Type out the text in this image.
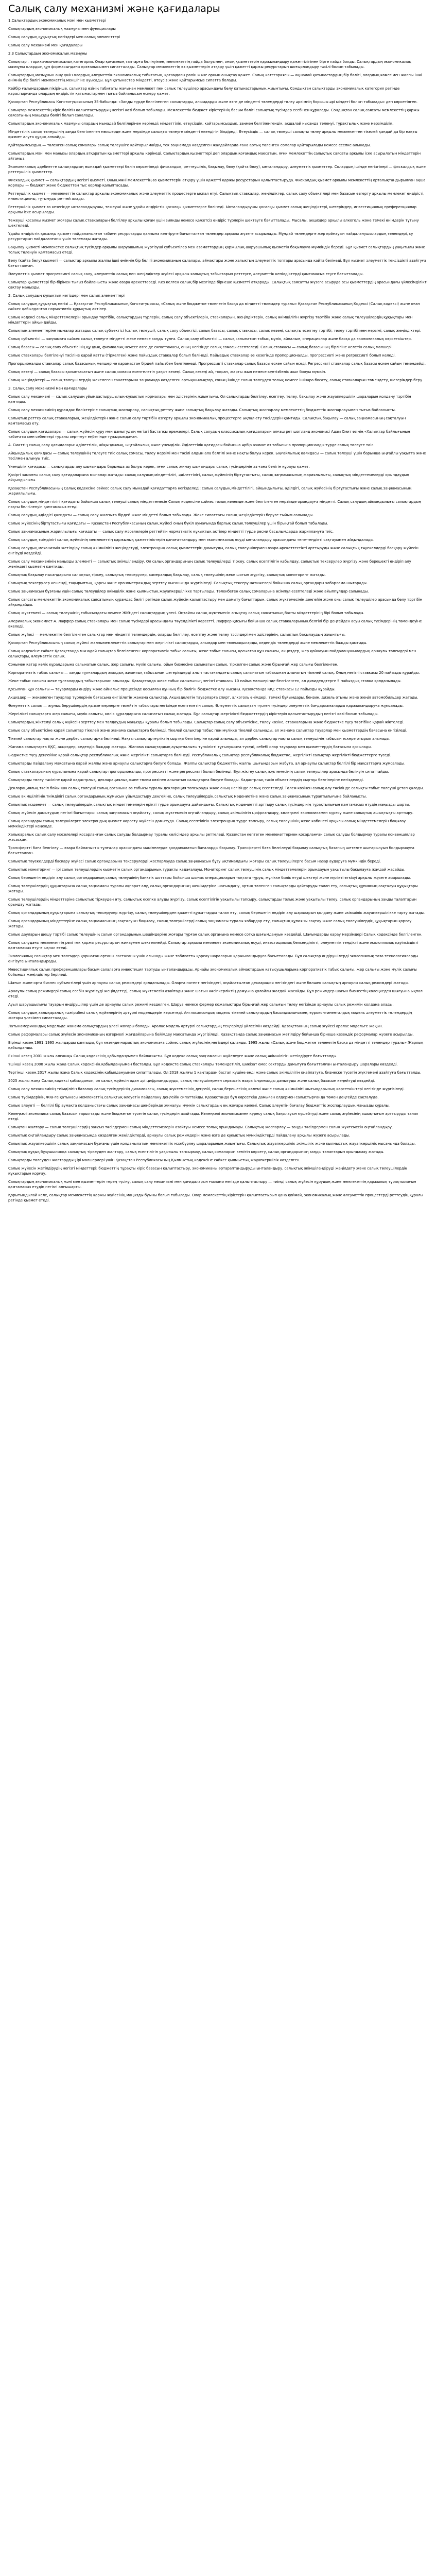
Салық салу механизмі және қағидалары

1.Салықтардың экономикалық мәні мен қызметтері

Салықтардың экономикалық мазмұны мен функциялары

Салық салудың құқықтық негіздері мен салық элементтері

Салық салу механизмі мен қағидалары

2.3 Салықтардың экономикалық мазмұны

Салықтар – тарихи-экономикалық категория. Олар қоғамның таптарға бөлінуімен, мемлекеттің пайда болуымен, оның қызметтерін қаржыландыру қажеттілігімен бірге пайда болды. Салықтардың экономикалық мазмұны олардың құн формасындағы қозғалысымен сипатталады. Салықтар мемлекеттің өз қызметтерін атқару үшін қажетті қаржы ресурстарын шоғырландыру тәсілі болып табылады.

Салықтардың мазмұнын ашу үшін олардың әлеуметтік-экономикалық табиғатын, қоғамдағы рөлін және орнын анықтау қажет. Салық категориясы — ақшалай қатынастардың бір бөлігі, олардың көмегімен жалпы ішкі өнімнің бір бөлігі мемлекеттің меншігіне ауысады. Бұл қатынастар міндетті, өтеусіз және қайтарымсыз сипатта болады.

Кейбір ғалымдардың пікірінше, салықтар өзінің табиғаты жағынан мемлекет пен салық төлеушілер арасындағы бөлу қатынастарының жиынтығы. Сондықтан салықтарды экономикалық категория ретінде қарастырғанда олардың өндірістік қатынастармен тығыз байланысын ескеру қажет.

Қазақстан Республикасы Конституциясының 35-бабында: «Заңды түрде белгіленген салықтарды, алымдарды және өзге де міндетті төлемдерді төлеу әркімнің борышы әрі міндеті болып табылады» деп көрсетілген.

Салықтар мемлекеттің кіріс бөлігін қалыптастырудың негізгі көзі болып табылады. Мемлекеттік бюджет кірістерінің басым бөлігі салықтық түсімдер есебінен құралады. Сондықтан салық саясаты мемлекеттің қаржы саясатының маңызды бөлігі болып саналады.

Салықтардың экономикалық мазмұны олардың мынадай белгілерінен көрінеді: міндеттілік, өтеусіздік, қайтарымсыздық, заңмен белгіленгендік, ақшалай нысанда төленуі, тұрақтылық және мерзімділік.

Міндеттілік салық төлеушінің заңда белгіленген мөлшерде және мерзімде салықты төлеуге міндетті екендігін білдіреді. Өтеусіздік — салық төлеуші салықты төлеу арқылы мемлекеттен тікелей қандай да бір нақты қызмет алуға құқық алмайды.

Қайтарымсыздық — төленген салық сомалары салық төлеушіге қайтарылмайды, тек заңнамада көзделген жағдайларда ғана артық төленген сомалар қайтарылады немесе есепке алынады.

Салықтардың мәні мен маңызы олардың атқаратын қызметтері арқылы көрінеді. Салықтардың қызметтері деп олардың қоғамдық мақсатын, яғни мемлекеттің салықтық саясаты арқылы іске асырылатын міндеттерін айтамыз.

Экономикалық әдебиетте салықтардың мынадай қызметтері бөліп көрсетіледі: фискалдық, реттеушілік, бақылау, бөлу (қайта бөлу), ынталандыру, әлеуметтік қызметтер. Солардың ішінде негізгілері — фискалдық және реттеушілік қызметтер.

Фискалдық қызмет — салықтардың негізгі қызметі. Оның мәні мемлекеттің өз қызметтерін атқару үшін қажетті қаржы ресурстарын қалыптастыруда. Фискалдық қызмет арқылы мемлекеттің орталықтандырылған ақша қорлары — бюджет және бюджеттен тыс қорлар қалыптасады.

Реттеушілік қызмет — мемлекеттің салықтар арқылы экономикалық және әлеуметтік процестерге ықпал етуі. Салықтық ставкалар, жеңілдіктер, салық салу объектілері мен базасын өзгерту арқылы мемлекет өндірісті, инвестицияны, тұтынуды реттей алады.

Реттеушілік қызмет өз кезегінде ынталандырушы, тежеуші және ұдайы өндірістік қосалқы қызметтерге бөлінеді. Ынталандырушы қосалқы қызмет салық жеңілдіктері, шегерімдер, инвестициялық преференциялар арқылы іске асырылады.

Тежеуші қосалқы қызмет жоғары салық ставкаларын белгілеу арқылы қоғам үшін зиянды немесе қажетсіз өндіріс түрлерін шектеуге бағытталады. Мысалы, акциздер арқылы алкоголь және темекі өнімдерін тұтыну шектеледі.

Ұдайы өндірістік қосалқы қызмет пайдаланылған табиғи ресурстарды қалпына келтіруге бағытталған төлемдер арқылы жүзеге асырылады. Мұндай төлемдерге жер қойнауын пайдаланушылардың төлемдері, су ресурстарын пайдаланғаны үшін төлемақы жатады.

Бақылау қызметі мемлекетке салықтық түсімдер арқылы шаруашылық жүргізуші субъектілер мен азаматтардың қаржылық-шаруашылық қызметін бақылауға мүмкіндік береді. Бұл қызмет салықтардың уақытылы және толық төленуін қамтамасыз етеді.

Бөлу (қайта бөлу) қызметі — салықтар арқылы жалпы ішкі өнімнің бір бөлігі экономиканың салалары, аймақтары және халықтың әлеуметтік топтары арасында қайта бөлінеді. Бұл қызмет әлеуметтік теңсіздікті азайтуға бағытталған.

Әлеуметтік қызмет прогрессивті салық салу, әлеуметтік салық пен жеңілдіктер жүйесі арқылы халықтың табыстарын реттеуге, әлеуметтік кепілдіктерді қамтамасыз етуге бағытталады.

Салықтар қызметтері бір-бірімен тығыз байланысты және өзара әрекеттеседі. Кез келген салық бір мезгілде бірнеше қызметті атқарады. Салықтық саясатты жүзеге асыруда осы қызметтердің арасындағы үйлесімділікті сақтау маңызды.

2. Салық салудың құқықтық негіздері мен салық элементтері

Салық салудың құқықтық негізі — Қазақстан Республикасының Конституциясы, «Салық және бюджетке төленетін басқа да міндетті төлемдер туралы» Қазақстан Республикасының Кодексі (Салық кодексі) және оған сәйкес қабылданған нормативтік құқықтық актілер.

Салық кодексі салық міндеттемелерін орындау тәртібін, салықтардың түрлерін, салық салу объектілерін, ставкаларын, жеңілдіктерін, салық әкімшілігін жүргізу тәртібін және салық төлеушілердің құқықтары мен міндеттерін айқындайды.

Салықтың элементтеріне мыналар жатады: салық субъектісі (салық төлеуші), салық салу объектісі, салық базасы, салық ставкасы, салық кезеңі, салықты есептеу тәртібі, төлеу тәртібі мен мерзімі, салық жеңілдіктері.

Салық субъектісі — заңнамаға сәйкес салық төлеуге міндетті жеке немесе заңды тұлға. Салық салу объектісі — салық салынатын табыс, мүлік, айналым, операциялар және басқа да экономикалық көрсеткіштер.

Салық базасы — салық салу объектісінің құндық, физикалық немесе өзге де сипаттамасы, оның негізінде салық сомасы есептеледі. Салық ставкасы — салық базасының бірлігіне келетін салық мөлшері.

Салық ставкалары белгіленуі тәсіліне қарай қатты (тіркелген) және пайыздық ставкалар болып бөлінеді. Пайыздық ставкалар өз кезегінде пропорционалды, прогрессивті және регрессивті болып келеді.

Пропорционалды ставкалар салық базасының мөлшеріне қарамастан бірдей пайызбен белгіленеді. Прогрессивті ставкалар салық базасы өскен сайын өседі. Регрессивті ставкалар салық базасы өскен сайын төмендейді.

Салық кезеңі — салық базасы қалыптасатын және салық сомасы есептелетін уақыт кезеңі. Салық кезеңі ай, тоқсан, жарты жыл немесе күнтізбелік жыл болуы мүмкін.

Салық жеңілдіктері — салық төлеушілердің жекелеген санаттарына заңнамада көзделген артықшылықтар, соның ішінде салық төлеуден толық немесе ішінара босату, салық ставкаларын төмендету, шегерімдер беру.

3. Салық салу механизмі мен қағидалары

Салық салу механизмі — салық салудың ұйымдастырушылық-құқықтық нормалары мен әдістерінің жиынтығы. Ол салықтарды белгілеу, есептеу, төлеу, бақылау және жауапкершілік шараларын қолдану тәртібін қамтиды.

Салық салу механизмінің құрамдас бөліктеріне салықтық жоспарлау, салықтық реттеу және салықтық бақылау жатады. Салықтық жоспарлау мемлекеттің бюджеттік жоспарлауымен тығыз байланысты.

Салықтық реттеу салық ставкаларын, жеңілдіктерін және салық салу тәртібін өзгерту арқылы экономикалық процестерге ықпал ету тәсілдерін қамтиды. Салықтық бақылау — салық заңнамасының сақталуын қамтамасыз ету.

Салық салудың қағидалары — салық жүйесін құру мен дамытудың негізгі бастапқы ережелері. Салық салудың классикалық қағидаларын алғаш рет шотланд экономисі Адам Смит өзінің «Халықтар байлығының табиғаты мен себептері туралы зерттеу» еңбегінде тұжырымдаған.

А. Смиттің салық салу қағидалары: әділеттілік, айқындылық, ыңғайлылық және үнемділік. Әділеттілік қағидасы бойынша әрбір азамат өз табысына пропорционалды түрде салық төлеуге тиіс.

Айқындылық қағидасы — салық төлеушінің төлеуге тиіс салық сомасы, төлеу мерзімі мен тәсілі алдын ала белгілі және нақты болуы керек. Ыңғайлылық қағидасы — салық төлеуші үшін барынша ыңғайлы уақытта және тәсілмен алынуы тиіс.

Үнемділік қағидасы — салықтарды алу шығындары барынша аз болуы керек, яғни салық жинау шығындары салық түсімдерінің аз ғана бөлігін құрауы қажет.

Қазіргі заманғы салық салу қағидаларына мыналар жатады: салық салудың міндеттілігі, әділеттілігі, салық жүйесінің біртұтастығы, салық заңнамасының жариялылығы, салықтық міндеттемелерді орындаудың айқындылығы.

Қазақстан Республикасының Салық кодексіне сәйкес салық салу мынадай қағидаттарға негізделеді: салық салудың міндеттілігі, айқындылығы, әділдігі, салық жүйесінің біртұтастығы және салық заңнамасының жариялылығы.

Салық салудың міндеттілігі қағидаты бойынша салық төлеуші салық міндеттемесін Салық кодексіне сәйкес толық көлемде және белгіленген мерзімде орындауға міндетті. Салық салудың айқындылығы салықтардың нақты белгіленуін қамтамасыз етеді.

Салық салудың әділдігі қағидаты — салық салу жалпыға бірдей және міндетті болып табылады. Жеке сипаттағы салық жеңілдіктерін беруге тыйым салынады.

Салық жүйесінің біртұтастығы қағидаты — Қазақстан Республикасының салық жүйесі оның бүкіл аумағында барлық салық төлеушілер үшін бірыңғай болып табылады.

Салық заңнамасының жариялылығы қағидаты — салық салу мәселелерін реттейтін нормативтік құқықтық актілер міндетті түрде ресми басылымдарда жариялануға тиіс.

Салық салудың тиімділігі салық жүйесінің мемлекеттің қаржылық қажеттіліктерін қанағаттандыру мен экономикалық өсуді ынталандыру арасындағы тепе-теңдікті сақтауымен айқындалады.

Салық салудың механизмін жетілдіру салық әкімшілігін жеңілдетуді, электрондық салық қызметтерін дамытуды, салық төлеушілермен өзара әрекеттестікті арттыруды және салықтық тәуекелдерді басқару жүйесін енгізуді көздейді.

Салық салу механизмінің маңызды элементі — салықтық әкімшілендіру. Ол салық органдарының салық төлеушілерді тіркеу, салық есептілігін қабылдау, салықтық тексерулер жүргізу және берешекті өндіріп алу жөніндегі қызметін қамтиды.

Салықтық бақылау нысандарына салықтық тіркеу, салықтық тексерулер, камералдық бақылау, салық төлеушінің жеке шотын жүргізу, салықтық мониторинг жатады.

Салықтық тексерулер кешенді, тақырыптық, қарсы және хронометраждық зерттеу нысанында жүргізіледі. Салықтық тексеру нәтижелері бойынша салық органдары хабарлама шығарады.

Салық заңнамасын бұзғаны үшін салық төлеушілер әкімшілік және қылмыстық жауапкершілікке тартылады. Төленбеген салық сомаларына өсімпұл есептеледі және айыппұлдар салынады.

Салық саясаты мемлекеттің экономикалық саясатының құрамдас бөлігі ретінде салық жүйесін қалыптастыру мен дамыту бағыттарын, салық жүктемесінің деңгейін және оны салық төлеушілер арасында бөлу тәртібін айқындайды.

Салық жүктемесі — салық төлеушінің табысындағы немесе ЖІӨ-дегі салықтардың үлесі. Оңтайлы салық жүктемесін анықтау салық саясатының басты міндеттерінің бірі болып табылады.

Америкалық экономист А. Лаффер салық ставкалары мен салық түсімдері арасындағы тәуелділікті көрсетті. Лаффер қисығы бойынша салық ставкаларының белгілі бір деңгейден асуы салық түсімдерінің төмендеуіне әкеледі.

Салық жүйесі — мемлекетте белгіленген салықтар мен міндетті төлемдердің, оларды белгілеу, есептеу және төлеу тәсілдері мен әдістерінің, салықтық бақылаудың жиынтығы.

Қазақстан Республикасының салық жүйесі жалпымемлекеттік салықтар мен жергілікті салықтарды, алымдар мен төлемақыларды, кедендік төлемдерді және мемлекеттік бажды қамтиды.

Салық кодексіне сәйкес Қазақстанда мынадай салықтар белгіленген: корпоративтік табыс салығы, жеке табыс салығы, қосылған құн салығы, акциздер, жер қойнауын пайдаланушылардың арнаулы төлемдері мен салықтары, әлеуметтік салық.

Сонымен қатар көлік құралдарына салынатын салық, жер салығы, мүлік салығы, ойын бизнесіне салынатын салық, тіркелген салық және бірыңғай жер салығы белгіленген.

Корпоративтік табыс салығы — заңды тұлғалардың жылдық жиынтық табысынан шегерімдерді алып тастағандағы салық салынатын табысынан алынатын тікелей салық. Оның негізгі ставкасы 20 пайызды құрайды.

Жеке табыс салығы жеке тұлғалардың табыстарынан алынады. Қазақстанда жеке табыс салығының негізгі ставкасы 10 пайыз мөлшерінде белгіленген, ал дивидендтерге 5 пайыздық ставка қолданылады.

Қосылған құн салығы — тауарларды өндіру және айналыс процесінде қосылған құнның бір бөлігін бюджетке алу нысаны. Қазақстанда ҚҚС ставкасы 12 пайызды құрайды.

Акциздер — жекелеген тауарлар түрлерінің бағасына енгізілетін жанама салықтар. Акцизделетін тауарларға спирт, алкоголь өнімдері, темекі бұйымдары, бензин, дизель отыны және жеңіл автомобильдер жатады.

Әлеуметтік салық — жұмыс берушілердің қызметкерлерге төлейтін табыстары негізінде есептелетін салық. Әлеуметтік салықтан түскен түсімдер әлеуметтік бағдарламаларды қаржыландыруға жұмсалады.

Жергілікті салықтарға жер салығы, мүлік салығы, көлік құралдарына салынатын салық жатады. Бұл салықтар жергілікті бюджеттердің кірістерін қалыптастырудың негізгі көзі болып табылады.

Салықтардың жіктелуі салық жүйесін зерттеу мен талдаудың маңызды құралы болып табылады. Салықтар салық салу объектісіне, төлеу көзіне, ставкаларына және бюджетке түсу тәртібіне қарай жіктеледі.

Салық салу объектісіне қарай салықтар тікелей және жанама салықтарға бөлінеді. Тікелей салықтар табыс пен мүлікке тікелей салынады, ал жанама салықтар тауарлар мен қызметтердің бағасына енгізіледі.

Тікелей салықтар нақты және дербес салықтарға бөлінеді. Нақты салықтар мүліктің сыртқы белгілеріне қарай алынады, ал дербес салықтар нақты салық төлеушінің табысын ескере отырып алынады.

Жанама салықтарға ҚҚС, акциздер, кедендік баждар жатады. Жанама салықтардың ауыртпалығы түпкілікті тұтынушыға түседі, себебі олар тауарлар мен қызметтердің бағасына қосылады.

Бюджетке түсу деңгейіне қарай салықтар республикалық және жергілікті салықтарға бөлінеді. Республикалық салықтар республикалық бюджетке, жергілікті салықтар жергілікті бюджеттерге түседі.

Салықтарды пайдалану мақсатына қарай жалпы және арнаулы салықтарға бөлуге болады. Жалпы салықтар бюджеттің жалпы шығындарын жабуға, ал арнаулы салықтар белгілі бір мақсаттарға жұмсалады.

Салық ставкаларының құрылымына қарай салықтар пропорционалды, прогрессивті және регрессивті болып бөлінеді. Бұл жіктеу салық жүктемесінің салық төлеушілер арасында бөлінуін сипаттайды.

Салықтарды төлеу тәсіліне қарай кадастрлық, декларациялық және төлем көзінен алынатын салықтарға бөлуге болады. Кадастрлық тәсіл объектілердің сыртқы белгілеріне негізделеді.

Декларациялық тәсіл бойынша салық төлеуші салық органына өз табысы туралы декларация тапсырады және оның негізінде салық есептеледі. Төлем көзінен салық алу тәсілінде салықты табыс төлеуші ұстап қалады.

Салық әкімшілігінің тиімділігі салық органдарының жұмысын ұйымдастыру деңгейіне, салық төлеушілердің салықтық мәдениетіне және салық заңнамасының тұрақтылығына байланысты.

Салықтық мәдениет — салық төлеушілердің салықтық міндеттемелерін ерікті түрде орындауға дайындығы. Салықтық мәдениетті арттыру салық түсімдерінің тұрақтылығын қамтамасыз етудің маңызды шарты.

Салық жүйесін дамытудың негізгі бағыттары: салық заңнамасын оңайлату, салық жүктемесін оңтайландыру, салық әкімшілігін цифрландыру, көлеңкелі экономикамен күресу және салықтық ашықтықты арттыру.

Салық органдары салық төлеушілерге электрондық қызмет көрсету жүйесін дамытуда. Салық есептілігін электрондық түрде тапсыру, салық төлеушінің жеке кабинеті арқылы салық міндеттемелерін бақылау мүмкіндіктері кеңеюде.

Халықаралық салық салу мәселелері қосарланған салық салуды болдырмау туралы келісімдер арқылы реттеледі. Қазақстан көптеген мемлекеттермен қосарланған салық салуды болдырмау туралы конвенциялар жасасқан.

Трансфертті баға белгілеу — өзара байланысты тұлғалар арасындағы мәмілелерде қолданылатын бағаларды бақылау. Трансфертті баға белгілеуді бақылау салықтық базаның шетелге шығарылуын болдырмауға бағытталған.

Салықтық тәуекелдерді басқару жүйесі салық органдарына тексерулерді жоспарлауда салық заңнамасын бұзу ықтималдығы жоғары салық төлеушілерге басым назар аударуға мүмкіндік береді.

Салықтық мониторинг — ірі салық төлеушілердің қызметін салық органдарының тұрақты қадағалауы. Мониторинг салық төлеушінің салық міндеттемелерін орындауын уақытылы бақылауға жағдай жасайды.

Салық берешегін өндіріп алу салық органдарының салық төлеушінің банктік шоттары бойынша шығыс операцияларын тоқтата тұруы, мүлікке билік етуді шектеуі және мүлікті өткізуі арқылы жүзеге асырылады.

Салық төлеушілердің құқықтарына салық заңнамасы туралы ақпарат алу, салық органдарының шешімдеріне шағымдану, артық төленген салықтарды қайтаруды талап ету, салықтық құпияның сақталуы құқықтары жатады.

Салық төлеушілердің міндеттеріне салықтық тіркеуден өту, салықтық есепке алуды жүргізу, салық есептілігін уақытылы тапсыру, салықтарды толық және уақытылы төлеу, салық органдарының заңды талаптарын орындау жатады.

Салық органдарының құқықтарына салықтық тексерулер жүргізу, салық төлеушілерден қажетті құжаттарды талап ету, салық берешегін өндіріп алу шараларын қолдану және әкімшілік жауапкершілікке тарту жатады.

Салық органдарының міндеттеріне салық заңнамасының сақталуын бақылау, салық төлеушілерді салық заңнамасы туралы хабардар ету, салықтық құпияны сақтау және салық төлеушілердің құқықтарын қорғау жатады.

Салық дауларын шешу тәртібі салық төлеушінің салық органдарының шешімдеріне жоғары тұрған салық органына немесе сотқа шағымдануын көздейді. Шағымдарды қарау мерзімдері Салық кодексінде белгіленген.

Салық салудағы мемлекеттің рөлі тек қаржы ресурстарын жинаумен шектелмейді. Салықтар арқылы мемлекет экономикалық өсуді, инвестициялық белсенділікті, әлеуметтік теңдікті және экологиялық қауіпсіздікті қамтамасыз етуге ықпал етеді.

Экологиялық салықтар мен төлемдер қоршаған ортаны ластағаны үшін алынады және табиғатты қорғау шараларын қаржыландыруға бағытталады. Бұл салықтар өндірушілерді экологиялық таза технологияларды енгізуге ынталандырады.

Инвестициялық салық преференциялары басым салаларға инвестиция тартуды ынталандырады. Арнайы экономикалық аймақтардың қатысушыларына корпоративтік табыс салығы, жер салығы және мүлік салығы бойынша жеңілдіктер беріледі.

Шағын және орта бизнес субъектілері үшін арнаулы салық режимдері қолданылады. Оларға патент негізіндегі, оңайлатылған декларация негізіндегі және бөлшек салықтың арнаулы салық режимдері жатады.

Арнаулы салық режимдері салық есебін жүргізуді жеңілдетеді, салық жүктемесін азайтады және шағын кәсіпкерліктің дамуына қолайлы жағдай жасайды. Бұл режимдер шағын бизнестің көлеңкеден шығуына ықпал етеді.

Ауыл шаруашылығы тауарын өндірушілер үшін де арнаулы салық режимі көзделген. Шаруа немесе фермер қожалықтары бірыңғай жер салығын төлеу негізінде арнаулы салық режимін қолдана алады.

Салық салудың халықаралық тәжірибесі салық жүйелерінің әртүрлі модельдерін көрсетеді. Англосаксондық модель тікелей салықтардың басымдылығымен, еуроконтиненталдық модель әлеуметтік төлемдердің жоғары үлесімен сипатталады.

Латынамерикандық модельде жанама салықтардың үлесі жоғары болады. Аралас модель әртүрлі салықтардың теңгерімді үйлесімін көздейді. Қазақстанның салық жүйесі аралас модельге жақын.

Салық реформалары салық жүйесін экономиканың өзгермелі жағдайларына бейімдеу мақсатында жүргізіледі. Қазақстанда салық заңнамасын жетілдіру бойынша бірнеше кезеңдік реформалар жүзеге асырылды.

Бірінші кезең 1991–1995 жылдарды қамтыды, бұл кезеңде нарықтық экономикаға сәйкес салық жүйесінің негіздері қаланды. 1995 жылы «Салық және бюджетке төленетін басқа да міндетті төлемдер туралы» Жарлық қабылданды.

Екінші кезең 2001 жылы алғашқы Салық кодексінің қабылдануымен байланысты. Бұл кодекс салық заңнамасын жүйелеуге және салық әкімшілігін жетілдіруге бағытталды.

Үшінші кезең 2008 жылы жаңа Салық кодексінің қабылдануымен басталды. Бұл кодексте салық ставкалары төмендетіліп, шикізат емес секторды дамытуға бағытталған ынталандыру шаралары көзделді.

Төртінші кезең 2017 жылы жаңа Салық кодексінің қабылдануымен сипатталады. Ол 2018 жылғы 1 қаңтардан бастап күшіне енді және салық әкімшілігін оңайлатуға, бизнеске түсетін жүктемені азайтуға бағытталды.

2025 жылы жаңа Салық кодексі қабылданып, ол салық жүйесін одан әрі цифрландыруды, салық төлеушілермен сервистік өзара іс-қимылды дамытуды және салық базасын кеңейтуді көздейді.

Салық салу механизмінің тиімділігін бағалау салық түсімдерінің динамикасы, салық жүктемесінің деңгейі, салық берешегінің көлемі және салық әкімшілігі шығындарының көрсеткіштері негізінде жүргізіледі.

Салық түсімдерінің ЖІӨ-ге қатынасы мемлекеттің салықтық әлеуетін пайдалану деңгейін сипаттайды. Қазақстанда бұл көрсеткіш дамыған елдермен салыстырғанда төмен деңгейде сақталуда.

Салық әлеуеті — белгілі бір аумақта қолданыстағы салық заңнамасы шеңберінде жиналуы мүмкін салықтардың ең жоғары көлемі. Салық әлеуетін бағалау бюджеттік жоспарлаудың маңызды құралы.

Көлеңкелі экономика салық базасын тарылтады және бюджетке түсетін салық түсімдерін азайтады. Көлеңкелі экономикамен күресу салық бақылауын күшейтуді және салық жүйесінің ашықтығын арттыруды талап етеді.

Салықтан жалтару — салық төлеушілердің заңсыз тәсілдермен салық міндеттемелерін азайтуы немесе толық орындамауы. Салықтық жоспарлау — заңды тәсілдермен салық жүктемесін оңтайландыру.

Салықтық оңтайландыру салық заңнамасында көзделген жеңілдіктерді, арнаулы салық режимдерін және өзге де құқықтық мүмкіндіктерді пайдалану арқылы жүзеге асырылады.

Салықтық жауапкершілік салық заңнамасын бұзғаны үшін қолданылатын мемлекеттік мәжбүрлеу шараларының жиынтығы. Салықтық жауапкершілік әкімшілік және қылмыстық жауапкершілік нысанында болады.

Салықтық құқық бұзушылыққа салықтық тіркеуден жалтару, салық есептілігін уақытылы тапсырмау, салық сомаларын кемітіп көрсету, салық органдарының заңды талаптарын орындамау жатады.

Салықтарды төлеуден жалтарудың ірі мөлшерлері үшін Қазақстан Республикасының Қылмыстық кодексіне сәйкес қылмыстық жауапкершілік көзделген.

Салық жүйесін жетілдірудің негізгі міндеттері: бюджеттің тұрақты кіріс базасын қалыптастыру, экономиканы әртараптандыруды ынталандыру, салықтық әкімшілендіруді жеңілдету және салық төлеушілердің құқықтарын қорғау.

Салықтардың экономикалық мәні мен қызметтерін терең түсіну, салық салу механизмі мен қағидаларын ғылыми негізде қалыптастыру — тиімді салық жүйесін құрудың және мемлекеттің қаржылық тұрақтылығын қамтамасыз етудің негізгі алғышарты.

Қорытындылай келе, салықтар мемлекеттің қаржы жүйесінің маңызды буыны болып табылады. Олар мемлекеттің кірістерін қалыптастырып қана қоймай, экономикалық және әлеуметтік процестерді реттеудің құралы ретінде қызмет етеді.
